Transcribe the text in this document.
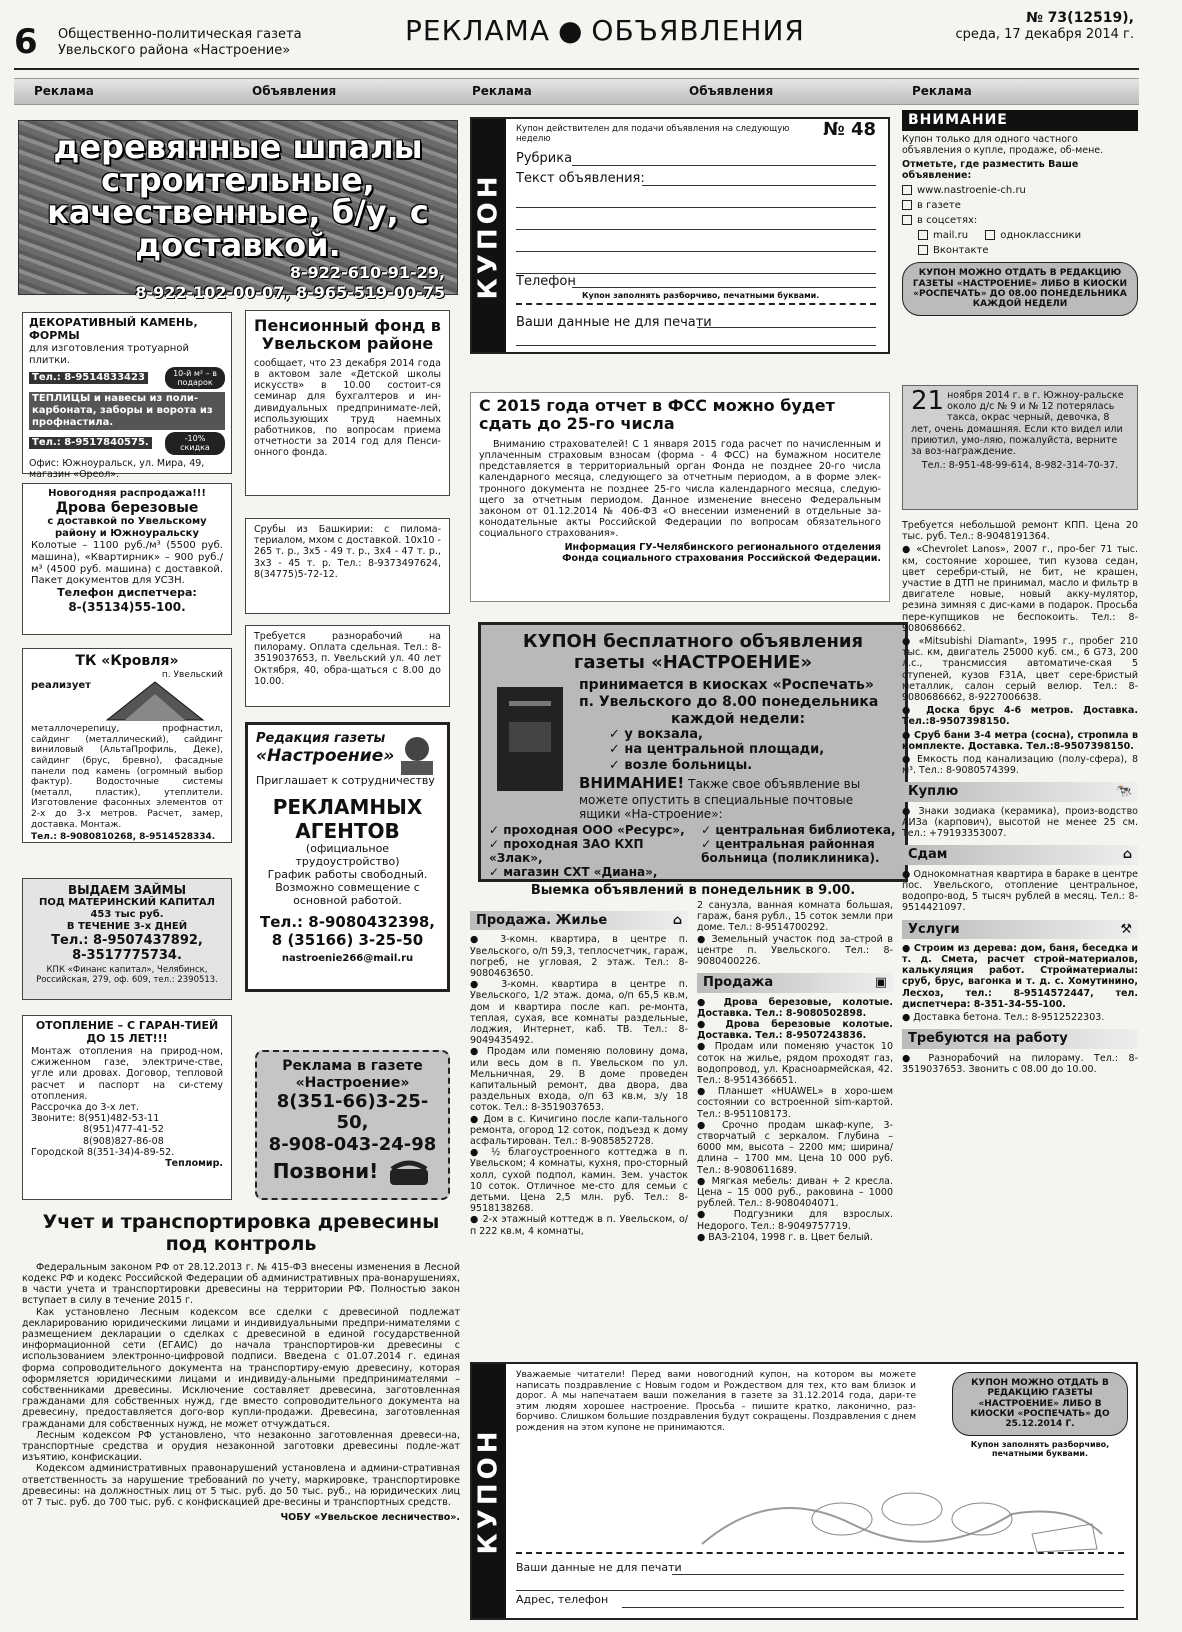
6 Общественно-политическая газета
Увельского района «Настроение»
РЕКЛАМА ● ОБЪЯВЛЕНИЯ	№ 73(12519),
среда, 17 декабря 2014 г.
Реклама	Объявления	Реклама	Объявления	Реклама
деревянные шпалы строительные, качественные, б/у, с доставкой.
8-922-610-91-29,
8-922-102-00-07, 8-965-519-00-75
ДЕКОРАТИВНЫЙ КАМЕНЬ, ФОРМЫ
для изготовления тротуарной плитки.
Тел.: 8-9514833423	10-й м² – в подарок
ТЕПЛИЦЫ и навесы из поли-карбоната, заборы и ворота из профнастила.
Тел.: 8-9517840575.	-10% скидка
Офис: Южноуральск, ул. Мира, 49, магазин «Ореол».
Пенсионный фонд в Увельском районе
сообщает, что 23 декабря 2014 года в актовом зале «Детской школы искусств» в 10.00 состоит-ся семинар для бухгалтеров и ин-дивидуальных предпринимате-лей, использующих труд наемных работников, по вопросам приема отчетности за 2014 год для Пенси-онного фонда.
Новогодняя распродажа!!!
Дрова березовые
с доставкой по Увельскому району и Южноуральску
Колотые – 1100 руб./м³ (5500 руб. машина), «Квартирник» – 900 руб./м³ (4500 руб. машина) с доставкой. Пакет документов для УСЗН.
Телефон диспетчера:
8-(35134)55-100.
Срубы из Башкирии: с пилома-териалом, мхом с доставкой. 10х10 - 265 т. р., 3х5 - 49 т. р., 3х4 - 47 т. р., 3х3 - 45 т. р. Тел.: 8-9373497624, 8(34775)5-72-12.
Требуется разнорабочий на пилораму. Оплата сдельная. Тел.: 8-3519037653, п. Увельский ул. 40 лет Октября, 40, обра-щаться с 8.00 до 10.00.
ТК «Кровля»
п. Увельский
реализует
металлочерепицу, профнастил, сайдинг (металлический), сайдинг виниловый (АльтаПрофиль, Деке), сайдинг (брус, бревно), фасадные панели под камень (огромный выбор фактур). Водосточные системы (металл, пластик), утеплители. Изготовление фасонных элементов от 2-х до 3-х метров. Расчет, замер, доставка. Монтаж.
Тел.: 8-9080810268, 8-9514528334.
Редакция газеты
«Настроение»
Приглашает к сотрудничеству
РЕКЛАМНЫХ
АГЕНТОВ
(официальное
трудоустройство)
График работы свободный.
Возможно совмещение с
основной работой.
Тел.: 8-9080432398,
8 (35166) 3-25-50
nastroenie266@mail.ru
ВЫДАЕМ ЗАЙМЫ
ПОД МАТЕРИНСКИЙ КАПИТАЛ
453 тыс руб.
В ТЕЧЕНИЕ 3-х ДНЕЙ
Тел.: 8-9507437892,
8-3517775734.
КПК «Финанс капитал», Челябинск, Российская, 279, оф. 609, тел.: 2390513.
ОТОПЛЕНИЕ – С ГАРАН-ТИЕЙ ДО 15 ЛЕТ!!!
Монтаж отопления на природ-ном, сжиженном газе, электриче-стве, угле или дровах. Договор, тепловой расчет и паспорт на си-стему отопления.
Рассрочка до 3-х лет.
Звоните: 8(951)482-53-11
8(951)477-41-52
8(908)827-86-08
Городской 8(351-34)4-89-52.
Тепломир.
Реклама в газете
«Настроение»
8(351-66)3-25-50,
8-908-043-24-98
Позвони!
Учет и транспортировка древесины
под контроль

Федеральным законом РФ от 28.12.2013 г. № 415-ФЗ внесены изменения в Лесной кодекс РФ и кодекс Российской Федерации об административных пра-вонарушениях, в части учета и транспортировки древесины на территории РФ. Полностью закон вступает в силу в течение 2015 г.

Как установлено Лесным кодексом все сделки с древесиной подлежат декларированию юридическими лицами и индивидуальными предпри-нимателями с размещением декларации о сделках с древесиной в единой государственной информационной сети (ЕГАИС) до начала транспортиров-ки древесины с использованием электронно-цифровой подписи. Введена с 01.07.2014 г. единая форма сопроводительного документа на транспортиру-емую древесину, которая оформляется юридическими лицами и индивиду-альными предпринимателями – собственниками древесины. Исключение составляет древесина, заготовленная гражданами для собственных нужд, где вместо сопроводительного документа на древесину, предоставляется дого-вор купли-продажи. Древесина, заготовленная гражданами для собственных нужд, не может отчуждаться.

Лесным кодексом РФ установлено, что незаконно заготовленная древеси-на, транспортные средства и орудия незаконной заготовки древесины подле-жат изъятию, конфискации.

Кодексом административных правонарушений установлена и админи-стративная ответственность за нарушение требований по учету, маркировке, транспортировке древесины: на должностных лиц от 5 тыс. руб. до 50 тыс. руб., на юридических лиц от 7 тыс. руб. до 700 тыс. руб. с конфискацией дре-весины и транспортных средств.

ЧОБУ «Увельское лесничество».
КУПОН
Купон действителен для подачи объявления на следующую неделю	№ 48
Рубрика
Текст объявления:
Телефон
Купон заполнять разборчиво, печатными буквами.
Ваши данные не для печати
ВНИМАНИЕ
Купон только для одного частного объявления о купле, продаже, об-мене.
Отметьте, где разместить Ваше объявление:
www.nastroenie-ch.ru
в газете
в соцсетях:
mail.ru	одноклассники
Вконтакте
КУПОН МОЖНО ОТДАТЬ В РЕДАКЦИЮ ГАЗЕТЫ «НАСТРОЕНИЕ» ЛИБО В КИОСКИ «РОСПЕЧАТЬ» ДО 08.00 ПОНЕДЕЛЬНИКА КАЖДОЙ НЕДЕЛИ
С 2015 года отчет в ФСС можно будет сдать до 25-го числа
Вниманию страхователей! С 1 января 2015 года расчет по начисленным и уплаченным страховым взносам (форма - 4 ФСС) на бумажном носителе представляется в территориальный орган Фонда не позднее 20-го числа календарного месяца, следующего за отчетным периодом, а в форме элек-тронного документа не позднее 25-го числа календарного месяца, следую-щего за отчетным периодом. Данное изменение внесено Федеральным законом от 01.12.2014 № 406-ФЗ «О внесении изменений в отдельные за-конодательные акты Российской Федерации по вопросам обязательного социального страхования».
Информация ГУ-Челябинского регионального отделения
Фонда социального страхования Российской Федерации.
21 ноября 2014 г. в г. Южноу-ральске около д/с № 9 и № 12 потерялась такса, окрас черный, девочка, 8 лет, очень домашняя. Если кто видел или приютил, умо-ляю, пожалуйста, верните за воз-награждение.
Тел.: 8-951-48-99-614, 8-982-314-70-37.
КУПОН бесплатного объявления
газеты «НАСТРОЕНИЕ»
принимается в киосках «Роспечать»
п. Увельского до 8.00 понедельника
каждой недели:
✓ у вокзала,
✓ на центральной площади,
✓ возле больницы.
ВНИМАНИЕ! Также свое объявление вы можете опустить в специальные почтовые ящики «На-строение»:
✓ проходная ООО «Ресурс»,
✓ проходная ЗАО КХП «Злак»,
✓ магазин СХТ «Диана»,
✓ центральная библиотека,
✓ центральная районная больница (поликлиника).
Выемка объявлений в понедельник в 9.00.

Требуется небольшой ремонт КПП. Цена 20 тыс. руб. Тел.: 8-9048191364.

● «Chevrolet Lanos», 2007 г., про-бег 71 тыс. км, состояние хорошее, тип кузова седан, цвет серебри-стый, не бит, не крашен, участие в ДТП не принимал, масло и фильтр в двигателе новые, новый акку-мулятор, резина зимняя с дис-ками в подарок. Просьба пере-купщиков не беспокоить. Тел.: 8-9080686662.

● «Mitsubishi Diamant», 1995 г., пробег 210 тыс. км, двигатель 25000 куб. см., 6 G73, 200 л.с., трансмиссия автоматиче-ская 5 ступеней, кузов F31A, цвет сере-бристый металлик, салон серый велюр. Тел.: 8-9080686662, 8-9227006638.

● Доска брус 4-6 метров. Доставка. Тел.:8-9507398150.

● Сруб бани 3-4 метра (сосна), стропила в комплекте. Доставка. Тел.:8-9507398150.

● Емкость под канализацию (полу-сфера), 8 м³. Тел.: 8-9080574399.

Куплю	🐄

● Знаки зодиака (керамика), произ-водство АИЗа (карпович), высотой не менее 25 см. Тел.: +79193353007.

Сдам	⌂

● Однокомнатная квартира в бараке в центре пос. Увельского, отопление центральное, водопро-вод, 5 тысяч рублей в месяц. Тел.: 8-9514421097.

Услуги	⚒

● Строим из дерева: дом, баня, беседка и т. д. Смета, расчет строй-материалов, калькуляция работ. Стройматериалы: сруб, брус, вагонка и т. д. с. Хомутинино, Лесхоз, тел.: 8-9514572447, тел. диспетчера: 8-351-34-55-100.

● Доставка бетона. Тел.: 8-9512522303.

Требуются на работу

● Разнорабочий на пилораму. Тел.: 8-3519037653. Звонить с 08.00 до 10.00.

Продажа. Жилье	⌂

● 3-комн. квартира, в центре п. Увельского, о/п 59,3, теплосчетчик, гараж, погреб, не угловая, 2 этаж. Тел.: 8-9080463650.

● 3-комн. квартира в центре п. Увельского, 1/2 этаж. дома, о/п 65,5 кв.м, дом и квартира после кап. ре-монта, теплая, сухая, все комнаты раздельные, лоджия, Интернет, каб. ТВ. Тел.: 8-9049435492.

● Продам или поменяю половину дома, или весь дом в п. Увельском по ул. Мельничная, 29. В доме проведен капитальный ремонт, два двора, два раздельных входа, о/п 63 кв.м, з/у 18 соток. Тел.: 8-3519037653.

● Дом в с. Кичигино после капи-тального ремонта, огород 12 соток, подъезд к дому асфальтирован. Тел.: 8-9085852728.

● ½ благоустроенного коттеджа в п. Увельском; 4 комнаты, кухня, про-сторный холл, сухой подпол, камин. Зем. участок 10 соток. Отличное ме-сто для семьи с детьми. Цена 2,5 млн. руб. Тел.: 8-9518138268.

● 2-х этажный коттедж в п. Увельском, о/п 222 кв.м, 4 комнаты,

2 санузла, ванная комната большая, гараж, баня рубл., 15 соток земли при доме. Тел.: 8-9514700292.

● Земельный участок под за-строй в центре п. Увельского. Тел.: 8-9080400226.

Продажа	▣

● Дрова березовые, колотые. Доставка. Тел.: 8-9080502898.

● Дрова березовые колотые. Доставка. Тел.: 8-9507243836.

● Продам или поменяю участок 10 соток на жилье, рядом проходят газ, водопровод, ул. Красноармейская, 42. Тел.: 8-9514366651.

● Планшет «HUAWEL» в хоро-шем состоянии со встроенной sim-картой. Тел.: 8-951108173.

● Срочно продам шкаф-купе, 3-створчатый с зеркалом. Глубина – 6000 мм, высота – 2200 мм; ширина/длина – 1700 мм. Цена 10 000 руб. Тел.: 8-9080611689.

● Мягкая мебель: диван + 2 кресла. Цена – 15 000 руб., раковина – 1000 рублей. Тел.: 8-9080404071.

● Подгузники для взрослых. Недорого. Тел.: 8-9049757719.

● ВАЗ-2104, 1998 г. в. Цвет белый.

КУПОН
Уважаемые читатели! Перед вами новогодний купон, на котором вы можете написать поздравление с Новым годом и Рождеством для тех, кто вам близок и дорог. А мы напечатаем ваши пожелания в газете за 31.12.2014 года, дари-те этим людям хорошее настроение. Просьба – пишите кратко, лаконично, раз-борчиво. Слишком большие поздравления будут сокращены. Поздравления с днем рождения на этом купоне не принимаются.
КУПОН МОЖНО ОТДАТЬ В РЕДАКЦИЮ ГАЗЕТЫ «НАСТРОЕНИЕ» ЛИБО В КИОСКИ «РОСПЕЧАТЬ» ДО 25.12.2014 Г.
Купон заполнять разборчиво, печатными буквами.
Ваши данные не для печати
Адрес, телефон
